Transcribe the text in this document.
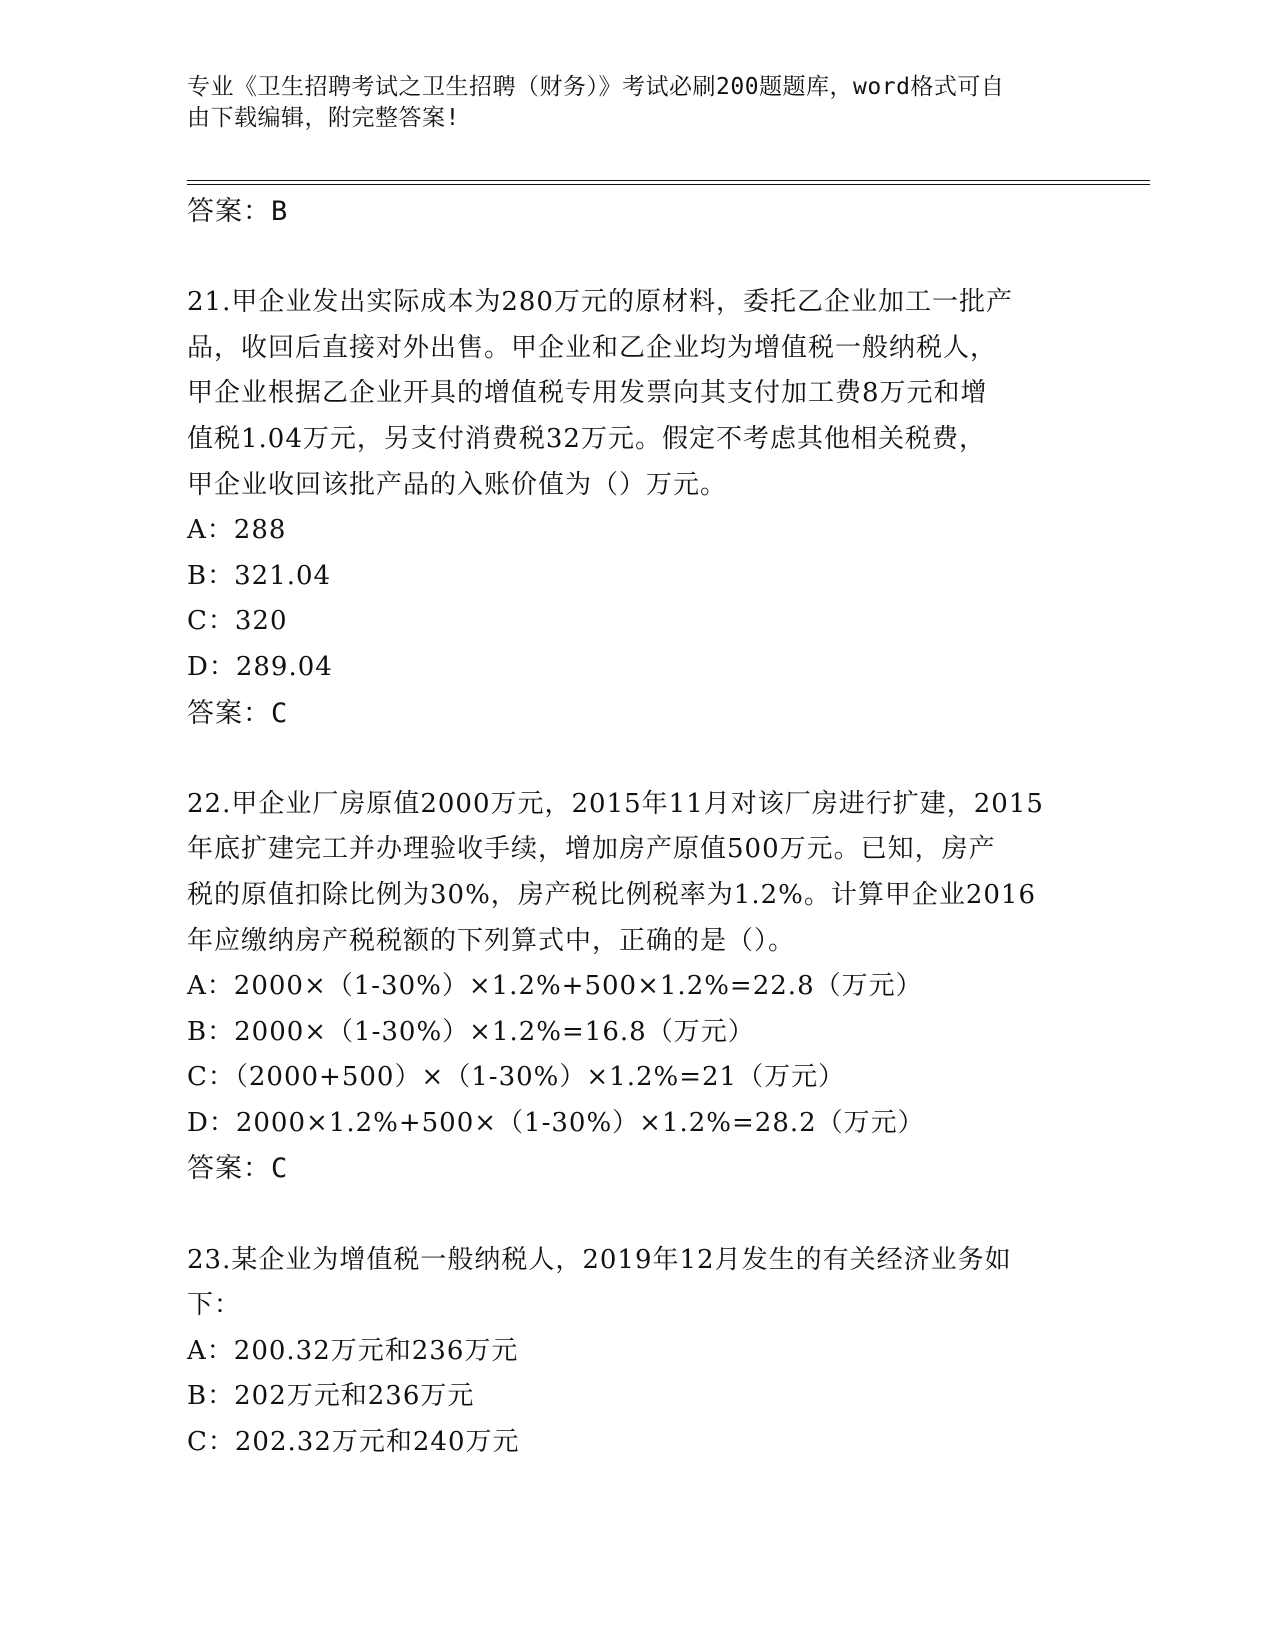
专业《卫生招聘考试之卫生招聘（财务）》考试必刷200题题库，word格式可自
由下载编辑，附完整答案!
答案：B
21.甲企业发出实际成本为280万元的原材料，委托乙企业加工一批产
品，收回后直接对外出售。甲企业和乙企业均为增值税一般纳税人，
甲企业根据乙企业开具的增值税专用发票向其支付加工费8万元和增
值税1.04万元，另支付消费税32万元。假定不考虑其他相关税费，
甲企业收回该批产品的入账价值为（）万元。
A：288
B：321.04
C：320
D：289.04
答案：C
22.甲企业厂房原值2000万元，2015年11月对该厂房进行扩建，2015
年底扩建完工并办理验收手续，增加房产原值500万元。已知，房产
税的原值扣除比例为30%，房产税比例税率为1.2%。计算甲企业2016
年应缴纳房产税税额的下列算式中，正确的是（）。
A：2000×（1-30%）×1.2%+500×1.2%=22.8（万元）
B：2000×（1-30%）×1.2%=16.8（万元）
C：（2000+500）×（1-30%）×1.2%=21（万元）
D：2000×1.2%+500×（1-30%）×1.2%=28.2（万元）
答案：C
23.某企业为增值税一般纳税人，2019年12月发生的有关经济业务如
下：
A：200.32万元和236万元
B：202万元和236万元
C：202.32万元和240万元
